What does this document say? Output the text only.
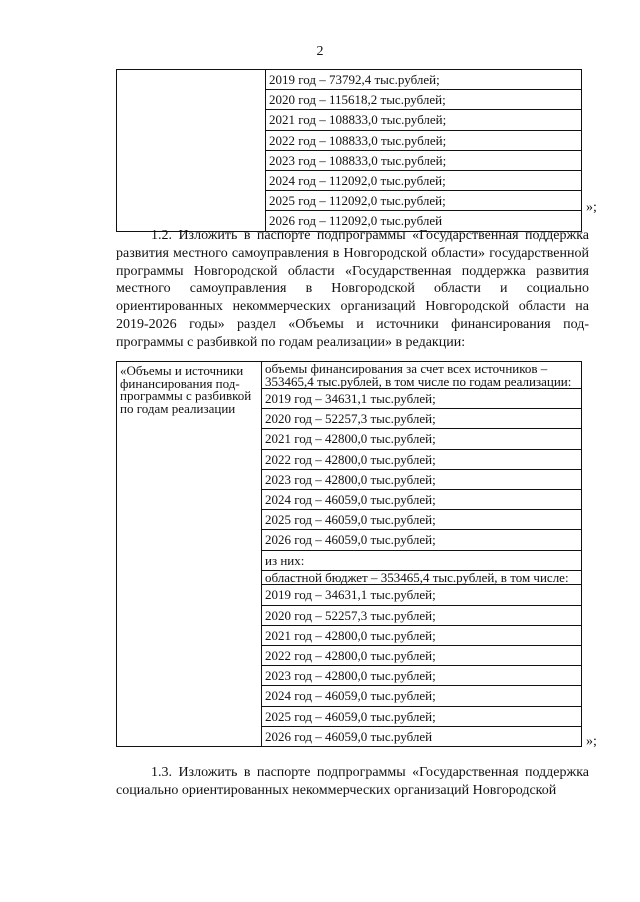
2
	2019 год – 73792,4 тыс.рублей;
2020 год – 115618,2 тыс.рублей;
2021 год – 108833,0 тыс.рублей;
2022 год – 108833,0 тыс.рублей;
2023 год – 108833,0 тыс.рублей;
2024 год – 112092,0 тыс.рублей;
2025 год – 112092,0 тыс.рублей;
2026 год – 112092,0 тыс.рублей
»;

1.2. Изложить в паспорте подпрограммы «Государственная поддержка развития местного самоуправления в Новгородской области» государственной программы Новгородской области «Государственная поддержка развития местного самоуправления в Новгородской области и социально ориентированных некоммерческих организаций Новгородской области на 2019-2026 годы» раздел «Объемы и источники финансирования подпрограммы с разбивкой по годам реализации» в редакции:

«Объемы и источники финансирования подпрограммы с разбивкой по годам реализации	объемы финансирования за счет всех источников – 353465,4 тыс.рублей, в том числе по годам реализации:
2019 год – 34631,1 тыс.рублей;
2020 год – 52257,3 тыс.рублей;
2021 год – 42800,0 тыс.рублей;
2022 год – 42800,0 тыс.рублей;
2023 год – 42800,0 тыс.рублей;
2024 год – 46059,0 тыс.рублей;
2025 год – 46059,0 тыс.рублей;
2026 год – 46059,0 тыс.рублей;
из них:
областной бюджет – 353465,4 тыс.рублей, в том числе:
2019 год – 34631,1 тыс.рублей;
2020 год – 52257,3 тыс.рублей;
2021 год – 42800,0 тыс.рублей;
2022 год – 42800,0 тыс.рублей;
2023 год – 42800,0 тыс.рублей;
2024 год – 46059,0 тыс.рублей;
2025 год – 46059,0 тыс.рублей;
2026 год – 46059,0 тыс.рублей	»;

1.3. Изложить в паспорте подпрограммы «Государственная поддержка социально ориентированных некоммерческих организаций Новгородской
